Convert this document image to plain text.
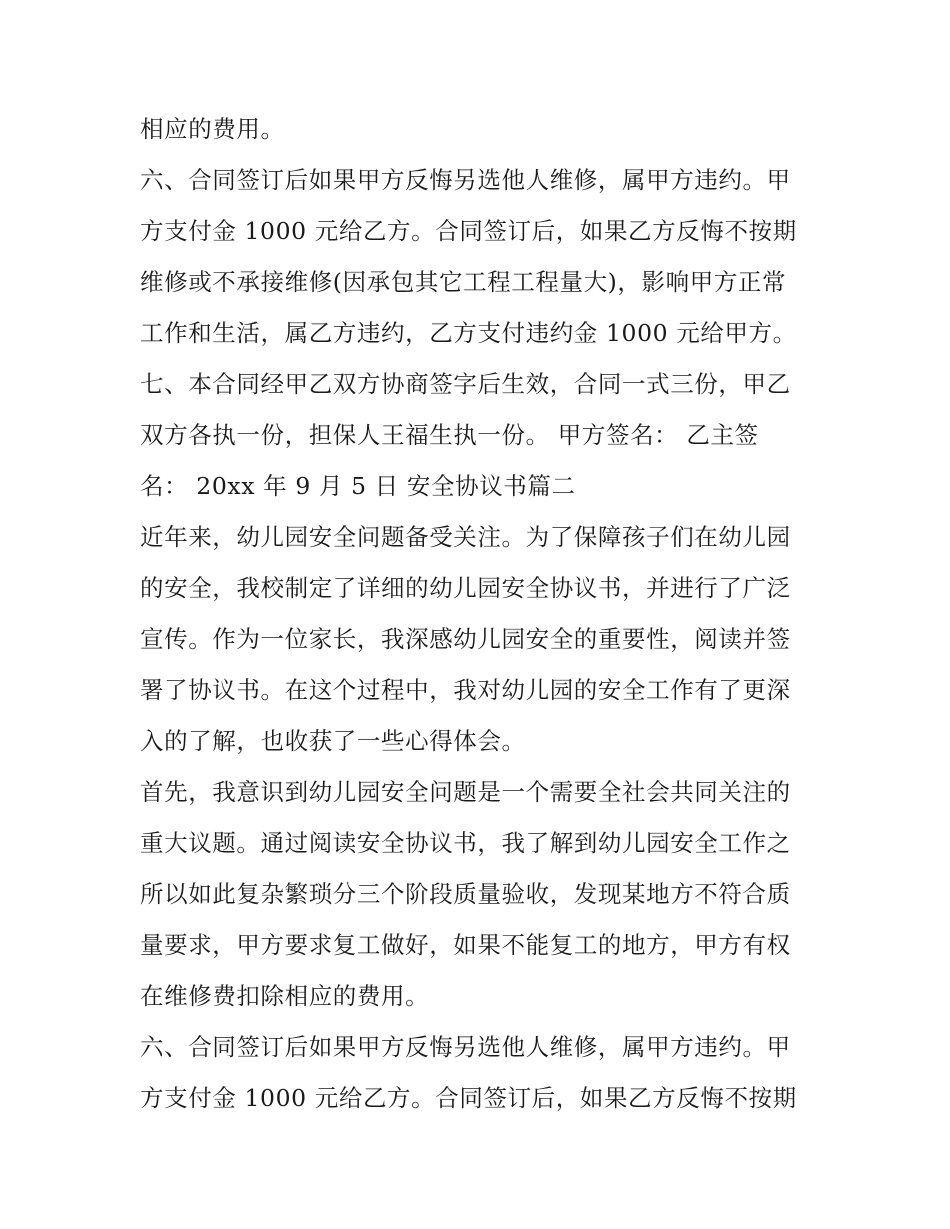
相应的费用。
六、合同签订后如果甲方反悔另选他人维修，属甲方违约。甲
方支付金 1000 元给乙方。合同签订后，如果乙方反悔不按期
维修或不承接维修(因承包其它工程工程量大)，影响甲方正常
工作和生活，属乙方违约，乙方支付违约金 1000 元给甲方。
七、本合同经甲乙双方协商签字后生效，合同一式三份，甲乙
双方各执一份，担保人王福生执一份。 甲方签名： 乙主签
名： 20xx 年 9 月 5 日 安全协议书篇二
近年来，幼儿园安全问题备受关注。为了保障孩子们在幼儿园
的安全，我校制定了详细的幼儿园安全协议书，并进行了广泛
宣传。作为一位家长，我深感幼儿园安全的重要性，阅读并签
署了协议书。在这个过程中，我对幼儿园的安全工作有了更深
入的了解，也收获了一些心得体会。
首先，我意识到幼儿园安全问题是一个需要全社会共同关注的
重大议题。通过阅读安全协议书，我了解到幼儿园安全工作之
所以如此复杂繁琐分三个阶段质量验收，发现某地方不符合质
量要求，甲方要求复工做好，如果不能复工的地方，甲方有权
在维修费扣除相应的费用。
六、合同签订后如果甲方反悔另选他人维修，属甲方违约。甲
方支付金 1000 元给乙方。合同签订后，如果乙方反悔不按期
